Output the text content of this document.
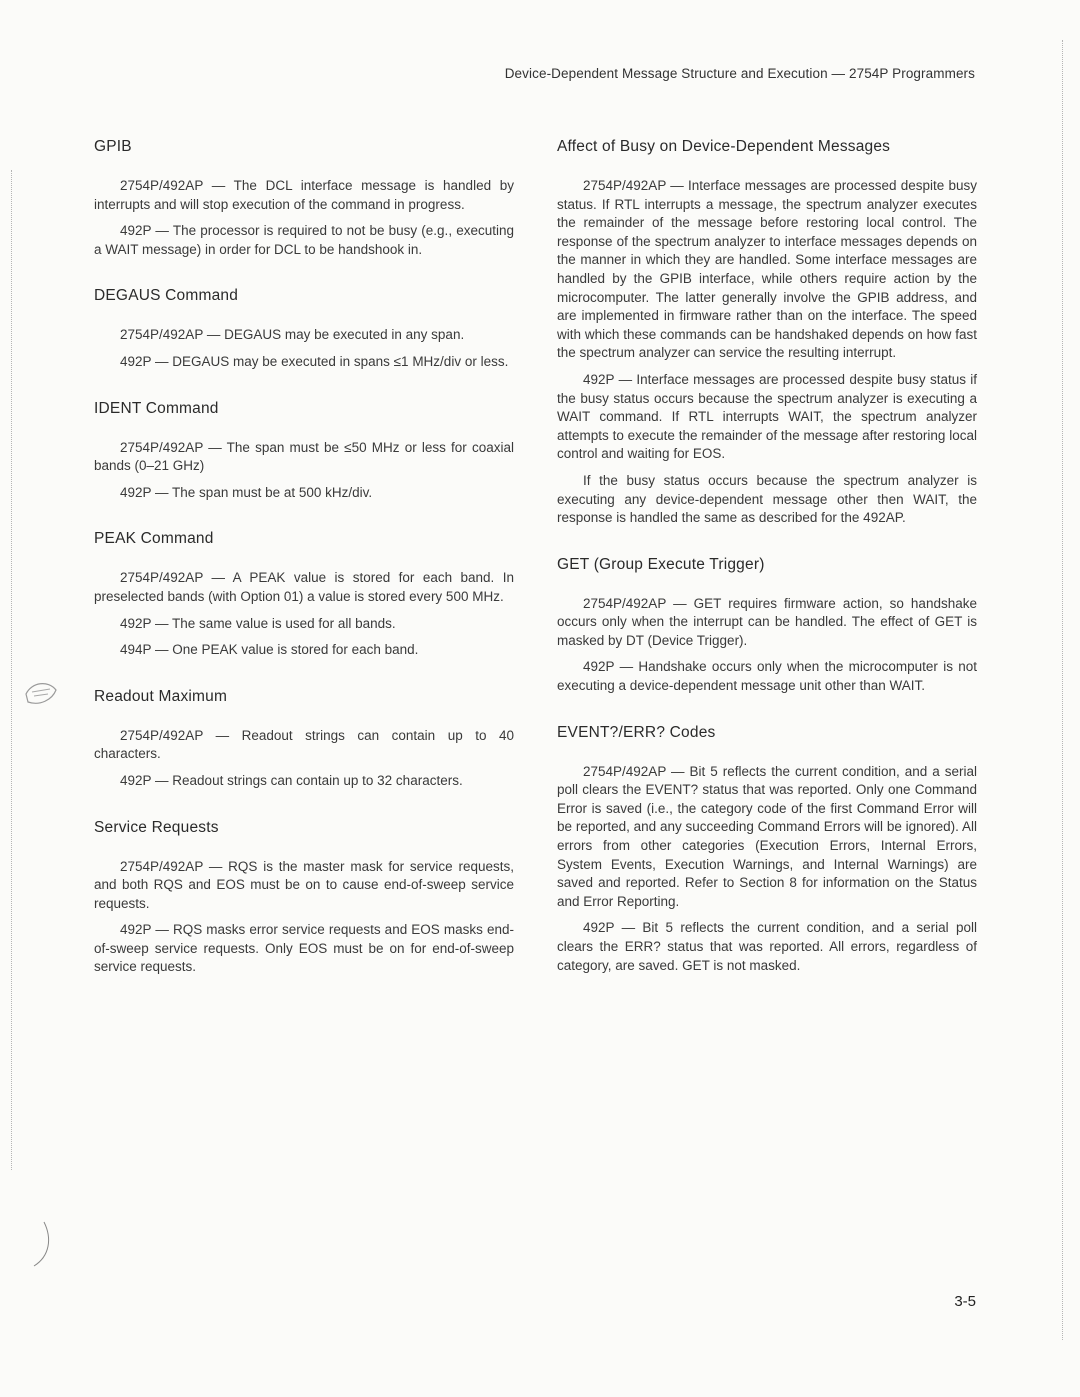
Device-Dependent Message Structure and Execution — 2754P Programmers
GPIB

2754P/492AP — The DCL interface message is handled by interrupts and will stop execution of the command in progress.

492P — The processor is required to not be busy (e.g., executing a WAIT message) in order for DCL to be handshook in.

DEGAUS Command

2754P/492AP — DEGAUS may be executed in any span.

492P — DEGAUS may be executed in spans ≤1 MHz/div or less.

IDENT Command

2754P/492AP — The span must be ≤50 MHz or less for coaxial bands (0–21 GHz)

492P — The span must be at 500 kHz/div.

PEAK Command

2754P/492AP — A PEAK value is stored for each band. In preselected bands (with Option 01) a value is stored every 500 MHz.

492P — The same value is used for all bands.

494P — One PEAK value is stored for each band.

Readout Maximum

2754P/492AP — Readout strings can contain up to 40 characters.

492P — Readout strings can contain up to 32 characters.

Service Requests

2754P/492AP — RQS is the master mask for service requests, and both RQS and EOS must be on to cause end-of-sweep service requests.

492P — RQS masks error service requests and EOS masks end-of-sweep service requests. Only EOS must be on for end-of-sweep service requests.

Affect of Busy on Device-Dependent Messages

2754P/492AP — Interface messages are processed despite busy status. If RTL interrupts a message, the spectrum analyzer executes the remainder of the message before restoring local control. The response of the spectrum analyzer to interface messages depends on the manner in which they are handled. Some interface messages are handled by the GPIB interface, while others require action by the microcomputer. The latter generally involve the GPIB address, and are implemented in firmware rather than on the interface. The speed with which these commands can be handshaked depends on how fast the spectrum analyzer can service the resulting interrupt.

492P — Interface messages are processed despite busy status if the busy status occurs because the spectrum analyzer is executing a WAIT command. If RTL interrupts WAIT, the spectrum analyzer attempts to execute the remainder of the message after restoring local control and waiting for EOS.

If the busy status occurs because the spectrum analyzer is executing any device-dependent message other then WAIT, the response is handled the same as described for the 492AP.

GET (Group Execute Trigger)

2754P/492AP — GET requires firmware action, so handshake occurs only when the interrupt can be handled. The effect of GET is masked by DT (Device Trigger).

492P — Handshake occurs only when the microcomputer is not executing a device-dependent message unit other than WAIT.

EVENT?/ERR? Codes

2754P/492AP — Bit 5 reflects the current condition, and a serial poll clears the EVENT? status that was reported. Only one Command Error is saved (i.e., the category code of the first Command Error will be reported, and any succeeding Command Errors will be ignored). All errors from other categories (Execution Errors, Internal Errors, System Events, Execution Warnings, and Internal Warnings) are saved and reported. Refer to Section 8 for information on the Status and Error Reporting.

492P — Bit 5 reflects the current condition, and a serial poll clears the ERR? status that was reported. All errors, regardless of category, are saved. GET is not masked.

3-5
